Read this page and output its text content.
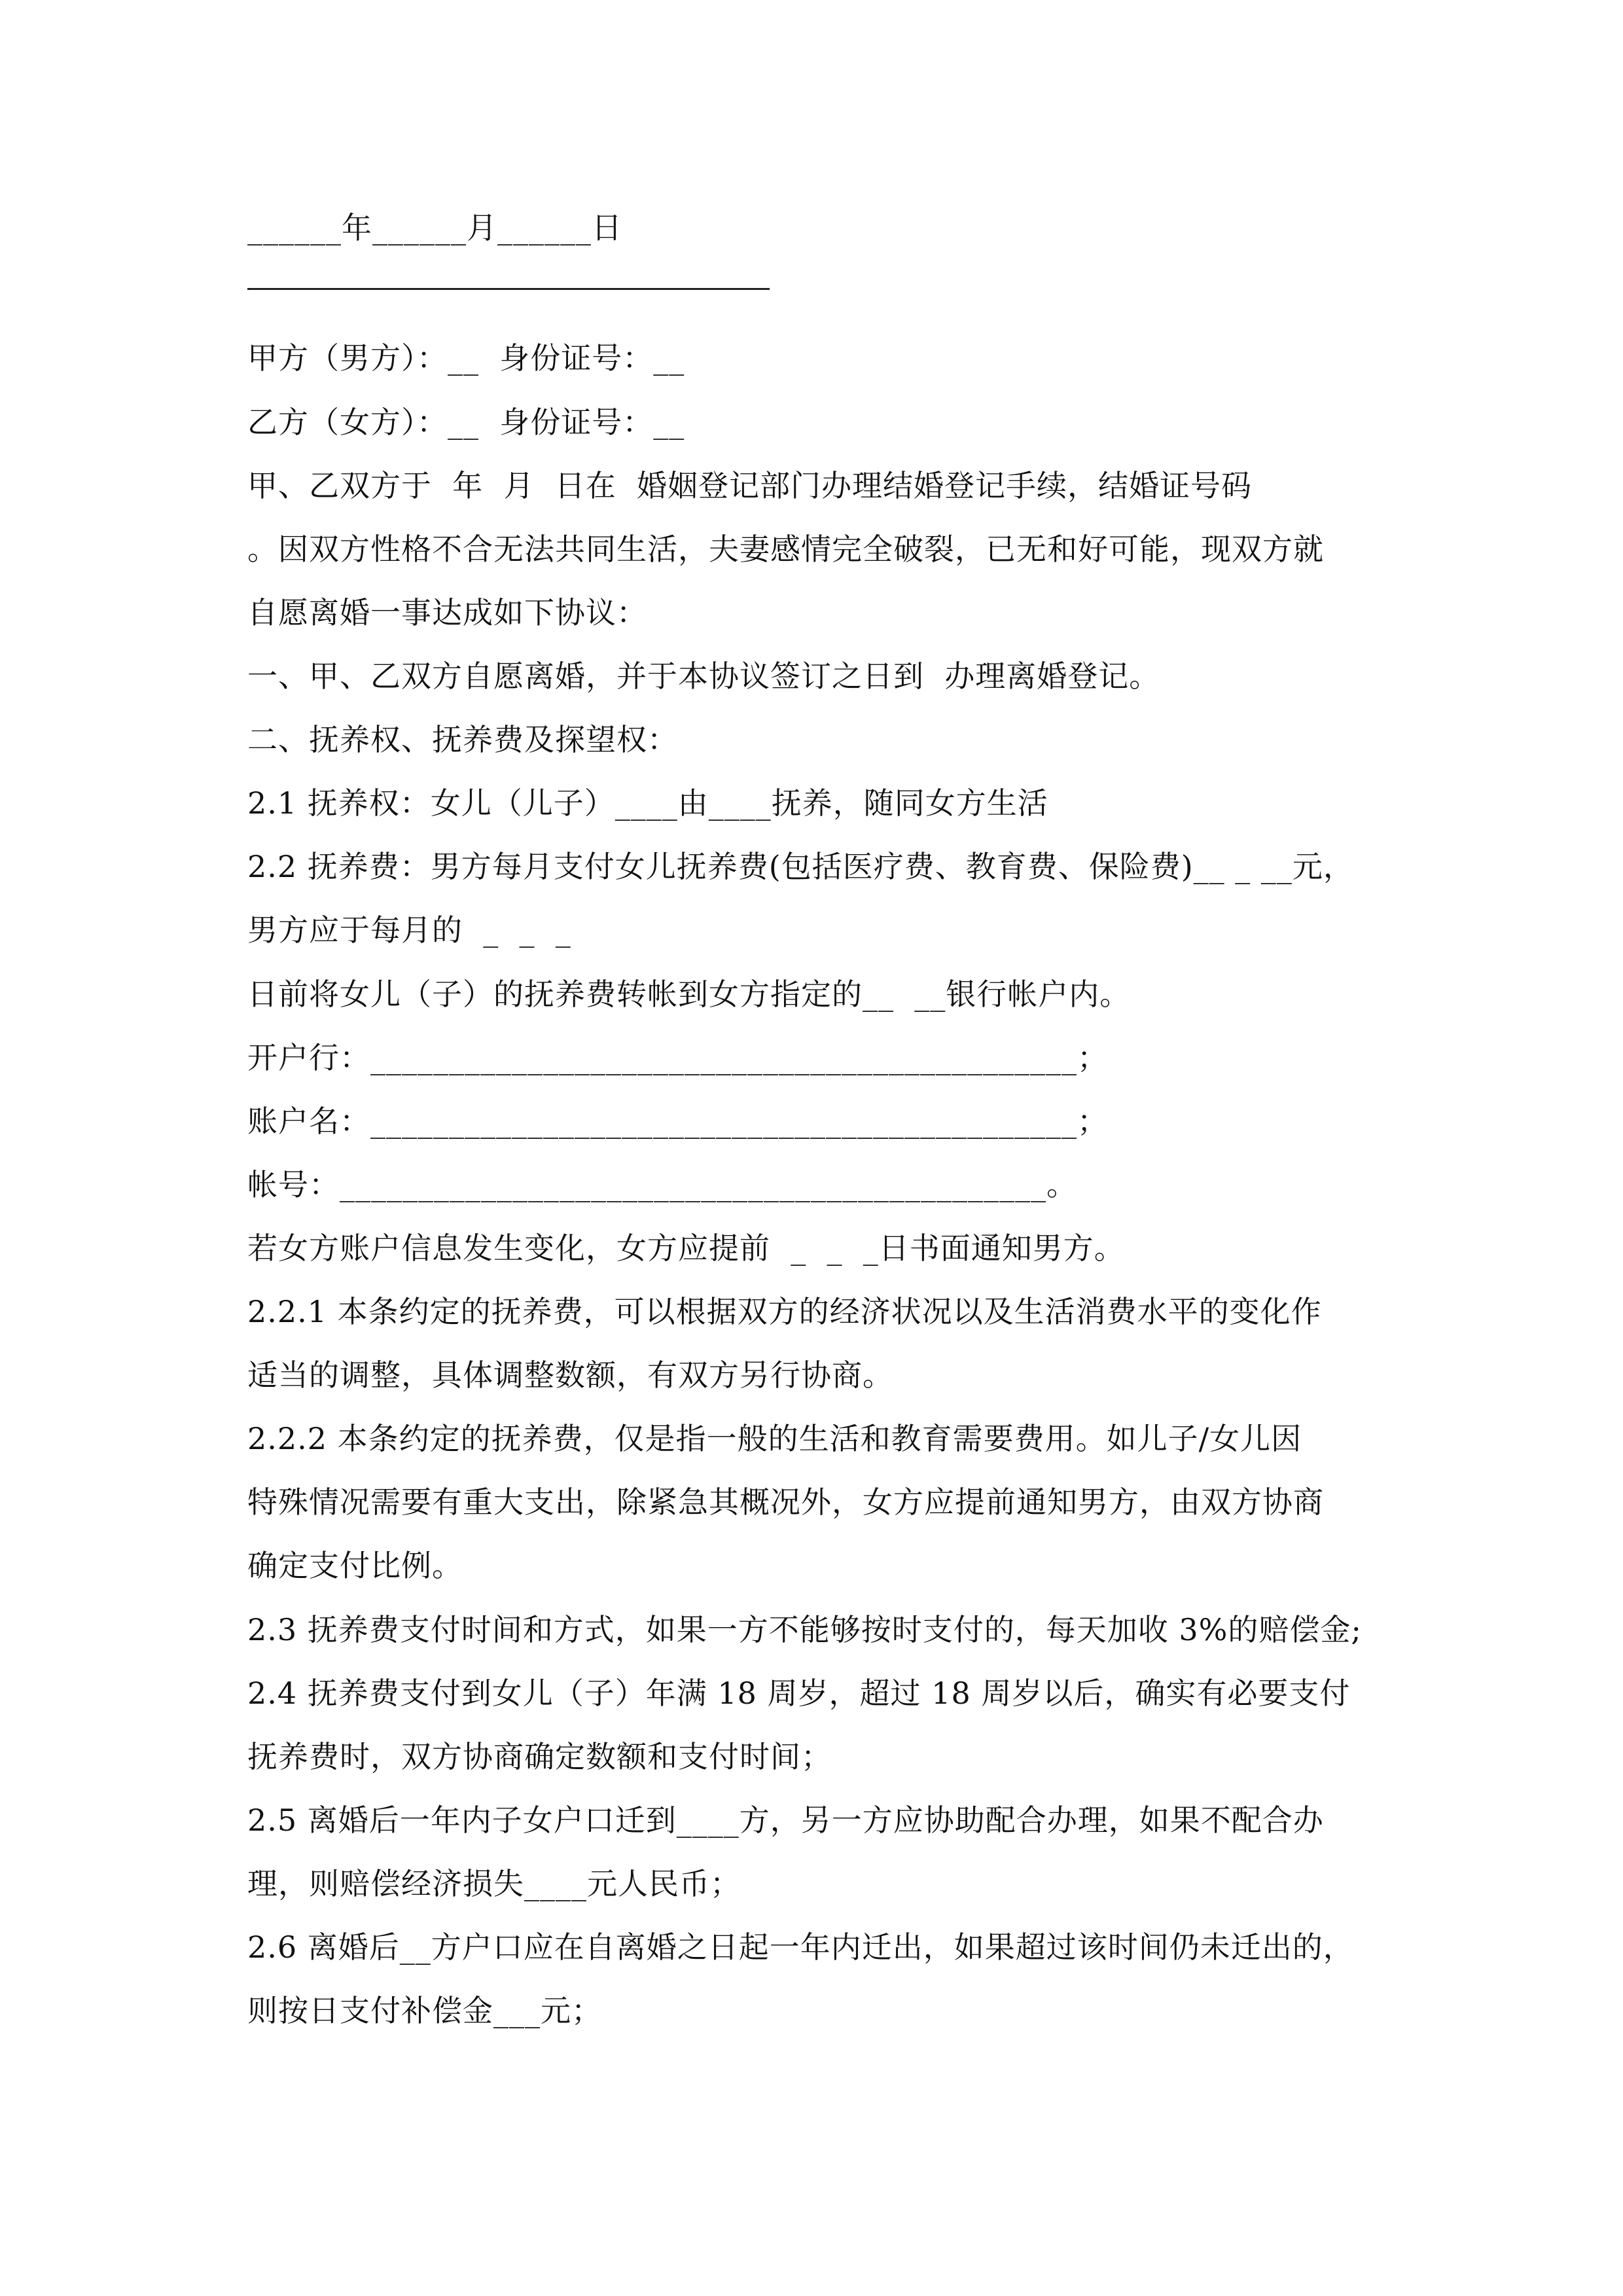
______年______月______日
甲方（男方）：__  身份证号：__
乙方（女方）：__  身份证号：__
甲、乙双方于  年  月  日在  婚姻登记部门办理结婚登记手续，结婚证号码
。因双方性格不合无法共同生活，夫妻感情完全破裂，已无和好可能，现双方就
自愿离婚一事达成如下协议：
一、甲、乙双方自愿离婚，并于本协议签订之日到  办理离婚登记。
二、抚养权、抚养费及探望权：
2.1 抚养权：女儿（儿子）____由____抚养，随同女方生活
2.2 抚养费：男方每月支付女儿抚养费(包括医疗费、教育费、保险费)__ _ __元，
男方应于每月的  _  _  _
日前将女儿（子）的抚养费转帐到女方指定的__  __银行帐户内。
开户行：_____________________________________________；
账户名：_____________________________________________；
帐号：_____________________________________________。
若女方账户信息发生变化，女方应提前  _  _  _日书面通知男方。
2.2.1 本条约定的抚养费，可以根据双方的经济状况以及生活消费水平的变化作
适当的调整，具体调整数额，有双方另行协商。
2.2.2 本条约定的抚养费，仅是指一般的生活和教育需要费用。如儿子/女儿因
特殊情况需要有重大支出，除紧急其概况外，女方应提前通知男方，由双方协商
确定支付比例。
2.3 抚养费支付时间和方式，如果一方不能够按时支付的，每天加收 3%的赔偿金;
2.4 抚养费支付到女儿（子）年满 18 周岁，超过 18 周岁以后，确实有必要支付
抚养费时，双方协商确定数额和支付时间；
2.5 离婚后一年内子女户口迁到____方，另一方应协助配合办理，如果不配合办
理，则赔偿经济损失____元人民币；
2.6 离婚后__方户口应在自离婚之日起一年内迁出，如果超过该时间仍未迁出的，
则按日支付补偿金___元；
